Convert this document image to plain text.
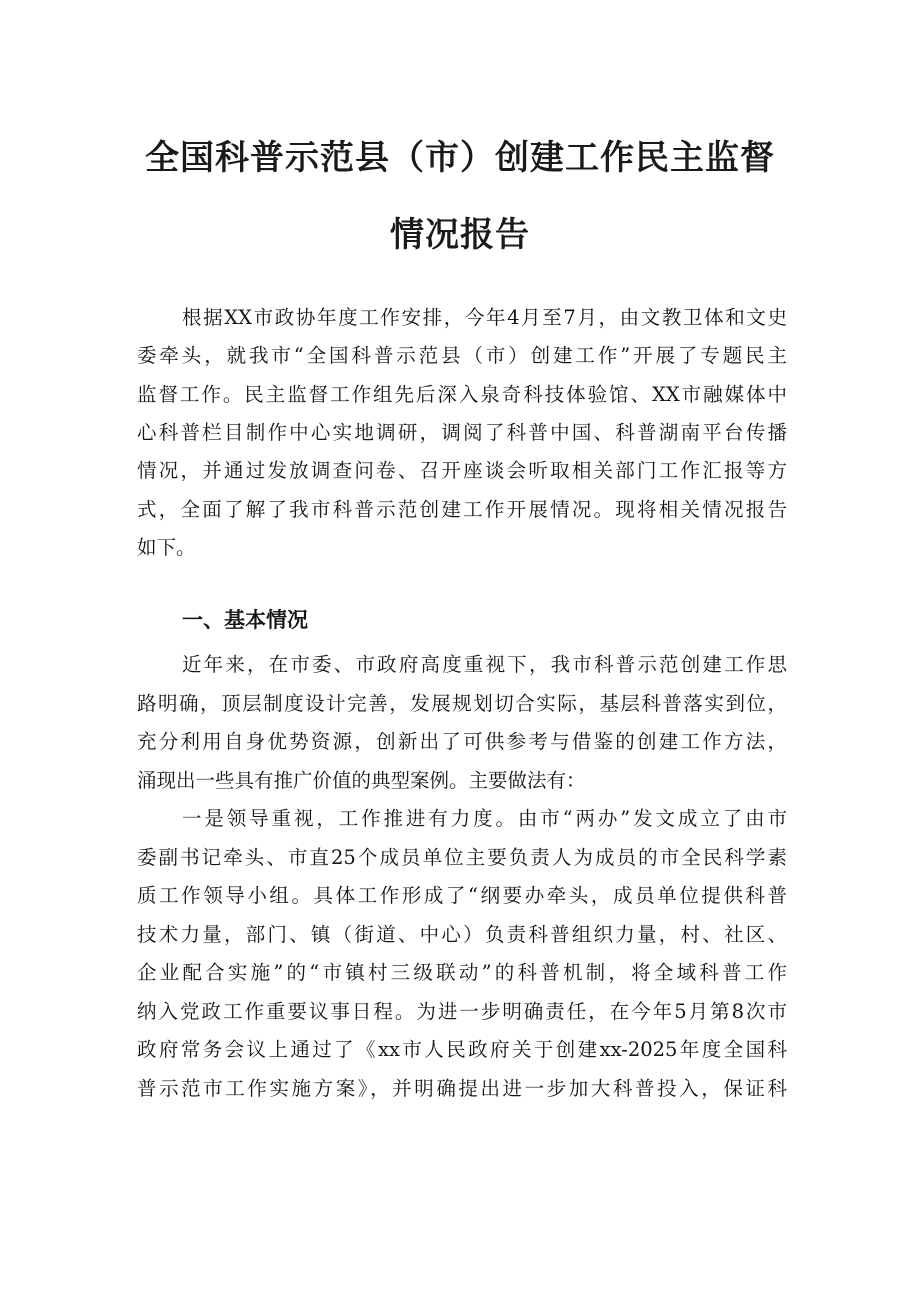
全国科普示范县（市）创建工作民主监督
情况报告
根据XX市政协年度工作安排，今年4月至7月，由文教卫体和文史
委牵头，就我市“全国科普示范县（市）创建工作”开展了专题民主
监督工作。民主监督工作组先后深入泉奇科技体验馆、XX市融媒体中
心科普栏目制作中心实地调研，调阅了科普中国、科普湖南平台传播
情况，并通过发放调查问卷、召开座谈会听取相关部门工作汇报等方
式，全面了解了我市科普示范创建工作开展情况。现将相关情况报告
如下。
一、基本情况
近年来，在市委、市政府高度重视下，我市科普示范创建工作思
路明确，顶层制度设计完善，发展规划切合实际，基层科普落实到位，
充分利用自身优势资源，创新出了可供参考与借鉴的创建工作方法，
涌现出一些具有推广价值的典型案例。主要做法有：
一是领导重视，工作推进有力度。由市“两办”发文成立了由市
委副书记牵头、市直25个成员单位主要负责人为成员的市全民科学素
质工作领导小组。具体工作形成了“纲要办牵头，成员单位提供科普
技术力量，部门、镇（街道、中心）负责科普组织力量，村、社区、
企业配合实施”的“市镇村三级联动”的科普机制，将全域科普工作
纳入党政工作重要议事日程。为进一步明确责任，在今年5月第8次市
政府常务会议上通过了《xx市人民政府关于创建xx-2025年度全国科
普示范市工作实施方案》，并明确提出进一步加大科普投入，保证科
